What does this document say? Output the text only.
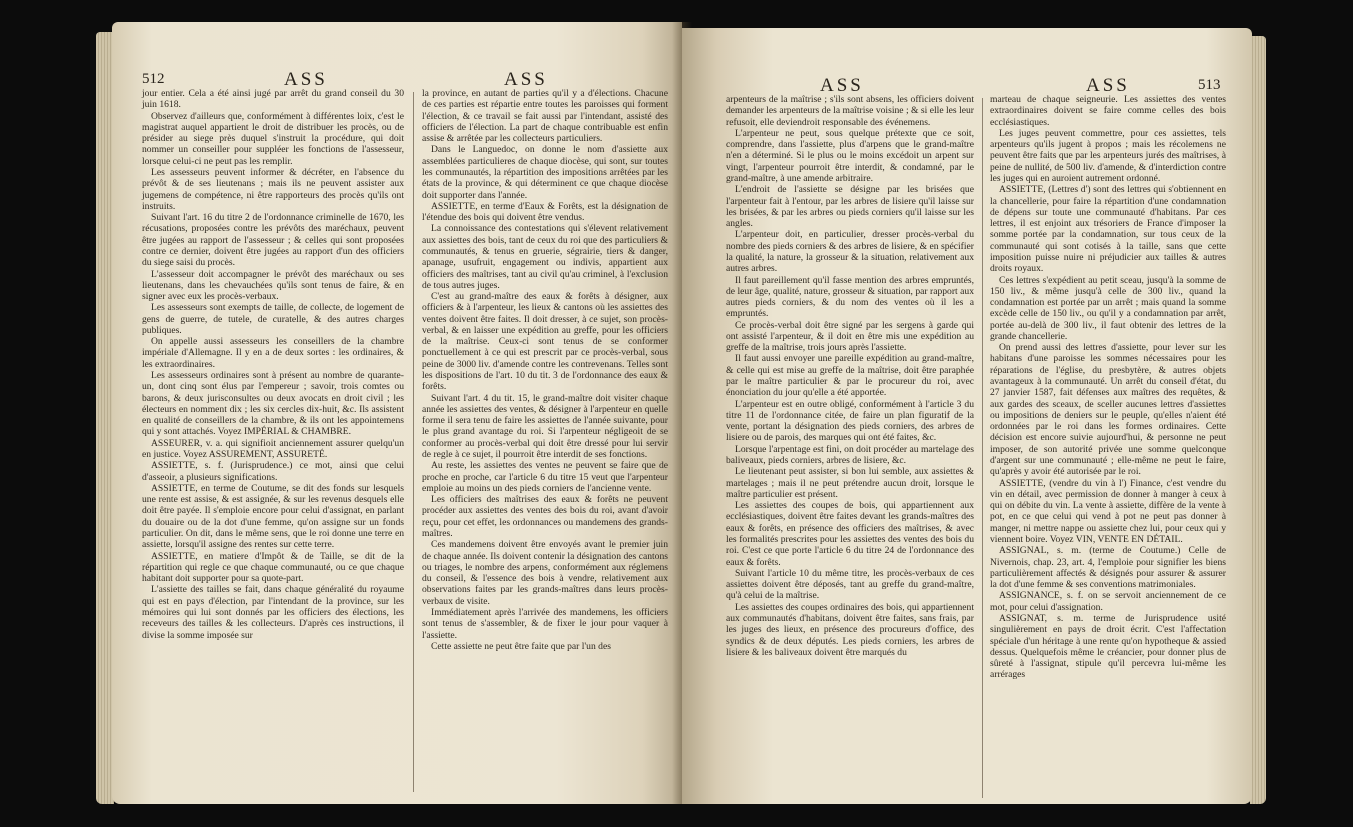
512	ASS	ASS

jour entier. Cela a été ainsi jugé par arrêt du grand conseil du 30 juin 1618.

Observez d'ailleurs que, conformément à différentes loix, c'est le magistrat auquel appartient le droit de distribuer les procès, ou de présider au siege près duquel s'instruit la procédure, qui doit nommer un conseiller pour suppléer les fonctions de l'assesseur, lorsque celui-ci ne peut pas les remplir.

Les assesseurs peuvent informer & décréter, en l'absence du prévôt & de ses lieutenans ; mais ils ne peuvent assister aux jugemens de compétence, ni être rapporteurs des procès qu'ils ont instruits.

Suivant l'art. 16 du titre 2 de l'ordonnance criminelle de 1670, les récusations, proposées contre les prévôts des maréchaux, peuvent être jugées au rapport de l'assesseur ; & celles qui sont proposées contre ce dernier, doivent être jugées au rapport d'un des officiers du siege saisi du procès.

L'assesseur doit accompagner le prévôt des maréchaux ou ses lieutenans, dans les chevauchées qu'ils sont tenus de faire, & en signer avec eux les procès-verbaux.

Les assesseurs sont exempts de taille, de collecte, de logement de gens de guerre, de tutele, de curatelle, & des autres charges publiques.

On appelle aussi assesseurs les conseillers de la chambre impériale d'Allemagne. Il y en a de deux sortes : les ordinaires, & les extraordinaires.

Les assesseurs ordinaires sont à présent au nombre de quarante-un, dont cinq sont élus par l'empereur ; savoir, trois comtes ou barons, & deux jurisconsultes ou deux avocats en droit civil ; les électeurs en nomment dix ; les six cercles dix-huit, &c. Ils assistent en qualité de conseillers de la chambre, & ils ont les appointemens qui y sont attachés. Voyez IMPÉRIAL & CHAMBRE.

ASSEURER, v. a. qui signifioit anciennement assurer quelqu'un en justice. Voyez ASSUREMENT, ASSURETÉ.

ASSIETTE, s. f. (Jurisprudence.) ce mot, ainsi que celui d'asseoir, a plusieurs significations.

ASSIETTE, en terme de Coutume, se dit des fonds sur lesquels une rente est assise, & est assignée, & sur les revenus desquels elle doit être payée. Il s'emploie encore pour celui d'assignat, en parlant du douaire ou de la dot d'une femme, qu'on assigne sur un fonds particulier. On dit, dans le même sens, que le roi donne une terre en assiette, lorsqu'il assigne des rentes sur cette terre.

ASSIETTE, en matiere d'Impôt & de Taille, se dit de la répartition qui regle ce que chaque communauté, ou ce que chaque habitant doit supporter pour sa quote-part.

L'assiette des tailles se fait, dans chaque généralité du royaume qui est en pays d'élection, par l'intendant de la province, sur les mémoires qui lui sont donnés par les officiers des élections, les receveurs des tailles & les collecteurs. D'après ces instructions, il divise la somme imposée sur

la province, en autant de parties qu'il y a d'élections. Chacune de ces parties est répartie entre toutes les paroisses qui forment l'élection, & ce travail se fait aussi par l'intendant, assisté des officiers de l'élection. La part de chaque contribuable est enfin assise & arrêtée par les collecteurs particuliers.

Dans le Languedoc, on donne le nom d'assiette aux assemblées particulieres de chaque diocèse, qui sont, sur toutes les communautés, la répartition des impositions arrêtées par les états de la province, & qui déterminent ce que chaque diocèse doit supporter dans l'année.

ASSIETTE, en terme d'Eaux & Forêts, est la désignation de l'étendue des bois qui doivent être vendus.

La connoissance des contestations qui s'élevent relativement aux assiettes des bois, tant de ceux du roi que des particuliers & communautés, & tenus en gruerie, ségrairie, tiers & danger, apanage, usufruit, engagement ou indivis, appartient aux officiers des maîtrises, tant au civil qu'au criminel, à l'exclusion de tous autres juges.

C'est au grand-maître des eaux & forêts à désigner, aux officiers & à l'arpenteur, les lieux & cantons où les assiettes des ventes doivent être faites. Il doit dresser, à ce sujet, son procès-verbal, & en laisser une expédition au greffe, pour les officiers de la maîtrise. Ceux-ci sont tenus de se conformer ponctuellement à ce qui est prescrit par ce procès-verbal, sous peine de 3000 liv. d'amende contre les contrevenans. Telles sont les dispositions de l'art. 10 du tit. 3 de l'ordonnance des eaux & forêts.

Suivant l'art. 4 du tit. 15, le grand-maître doit visiter chaque année les assiettes des ventes, & désigner à l'arpenteur en quelle forme il sera tenu de faire les assiettes de l'année suivante, pour le plus grand avantage du roi. Si l'arpenteur négligeoit de se conformer au procès-verbal qui doit être dressé pour lui servir de regle à ce sujet, il pourroit être interdit de ses fonctions.

Au reste, les assiettes des ventes ne peuvent se faire que de proche en proche, car l'article 6 du titre 15 veut que l'arpenteur emploie au moins un des pieds corniers de l'ancienne vente.

Les officiers des maîtrises des eaux & forêts ne peuvent procéder aux assiettes des ventes des bois du roi, avant d'avoir reçu, pour cet effet, les ordonnances ou mandemens des grands-maîtres.

Ces mandemens doivent être envoyés avant le premier juin de chaque année. Ils doivent contenir la désignation des cantons ou triages, le nombre des arpens, conformément aux réglemens du conseil, & l'essence des bois à vendre, relativement aux observations faites par les grands-maîtres dans leurs procès-verbaux de visite.

Immédiatement après l'arrivée des mandemens, les officiers sont tenus de s'assembler, & de fixer le jour pour vaquer à l'assiette.

Cette assiette ne peut être faite que par l'un des

ASS	ASS	513

arpenteurs de la maîtrise ; s'ils sont absens, les officiers doivent demander les arpenteurs de la maîtrise voisine ; & si elle les leur refusoit, elle deviendroit responsable des événemens.

L'arpenteur ne peut, sous quelque prétexte que ce soit, comprendre, dans l'assiette, plus d'arpens que le grand-maître n'en a déterminé. Si le plus ou le moins excédoit un arpent sur vingt, l'arpenteur pourroit être interdit, & condamné, par le grand-maître, à une amende arbitraire.

L'endroit de l'assiette se désigne par les brisées que l'arpenteur fait à l'entour, par les arbres de lisiere qu'il laisse sur les brisées, & par les arbres ou pieds corniers qu'il laisse sur les angles.

L'arpenteur doit, en particulier, dresser procès-verbal du nombre des pieds corniers & des arbres de lisiere, & en spécifier la qualité, la nature, la grosseur & la situation, relativement aux autres arbres.

Il faut pareillement qu'il fasse mention des arbres empruntés, de leur âge, qualité, nature, grosseur & situation, par rapport aux autres pieds corniers, & du nom des ventes où il les a empruntés.

Ce procès-verbal doit être signé par les sergens à garde qui ont assisté l'arpenteur, & il doit en être mis une expédition au greffe de la maîtrise, trois jours après l'assiette.

Il faut aussi envoyer une pareille expédition au grand-maître, & celle qui est mise au greffe de la maîtrise, doit être paraphée par le maître particulier & par le procureur du roi, avec énonciation du jour qu'elle a été apportée.

L'arpenteur est en outre obligé, conformément à l'article 3 du titre 11 de l'ordonnance citée, de faire un plan figuratif de la vente, portant la désignation des pieds corniers, des arbres de lisiere ou de parois, des marques qui ont été faites, &c.

Lorsque l'arpentage est fini, on doit procéder au martelage des baliveaux, pieds corniers, arbres de lisiere, &c.

Le lieutenant peut assister, si bon lui semble, aux assiettes & martelages ; mais il ne peut prétendre aucun droit, lorsque le maître particulier est présent.

Les assiettes des coupes de bois, qui appartiennent aux ecclésiastiques, doivent être faites devant les grands-maîtres des eaux & forêts, en présence des officiers des maîtrises, & avec les formalités prescrites pour les assiettes des ventes des bois du roi. C'est ce que porte l'article 6 du titre 24 de l'ordonnance des eaux & forêts.

Suivant l'article 10 du même titre, les procès-verbaux de ces assiettes doivent être déposés, tant au greffe du grand-maître, qu'à celui de la maîtrise.

Les assiettes des coupes ordinaires des bois, qui appartiennent aux communautés d'habitans, doivent être faites, sans frais, par les juges des lieux, en présence des procureurs d'office, des syndics & de deux députés. Les pieds corniers, les arbres de lisiere & les baliveaux doivent être marqués du

marteau de chaque seigneurie. Les assiettes des ventes extraordinaires doivent se faire comme celles des bois ecclésiastiques.

Les juges peuvent commettre, pour ces assiettes, tels arpenteurs qu'ils jugent à propos ; mais les récolemens ne peuvent être faits que par les arpenteurs jurés des maîtrises, à peine de nullité, de 500 liv. d'amende, & d'interdiction contre les juges qui en auroient autrement ordonné.

ASSIETTE, (Lettres d') sont des lettres qui s'obtiennent en la chancellerie, pour faire la répartition d'une condamnation de dépens sur toute une communauté d'habitans. Par ces lettres, il est enjoint aux trésoriers de France d'imposer la somme portée par la condamnation, sur tous ceux de la communauté qui sont cotisés à la taille, sans que cette imposition puisse nuire ni préjudicier aux tailles & autres droits royaux.

Ces lettres s'expédient au petit sceau, jusqu'à la somme de 150 liv., & même jusqu'à celle de 300 liv., quand la condamnation est portée par un arrêt ; mais quand la somme excède celle de 150 liv., ou qu'il y a condamnation par arrêt, portée au-delà de 300 liv., il faut obtenir des lettres de la grande chancellerie.

On prend aussi des lettres d'assiette, pour lever sur les habitans d'une paroisse les sommes nécessaires pour les réparations de l'église, du presbytère, & autres objets avantageux à la communauté. Un arrêt du conseil d'état, du 27 janvier 1587, fait défenses aux maîtres des requêtes, & aux gardes des sceaux, de sceller aucunes lettres d'assiettes ou impositions de deniers sur le peuple, qu'elles n'aient été ordonnées par le roi dans les formes ordinaires. Cette décision est encore suivie aujourd'hui, & personne ne peut imposer, de son autorité privée une somme quelconque d'argent sur une communauté ; elle-même ne peut le faire, qu'après y avoir été autorisée par le roi.

ASSIETTE, (vendre du vin à l') Finance, c'est vendre du vin en détail, avec permission de donner à manger à ceux à qui on débite du vin. La vente à assiette, diffère de la vente à pot, en ce que celui qui vend à pot ne peut pas donner à manger, ni mettre nappe ou assiette chez lui, pour ceux qui y viennent boire. Voyez VIN, VENTE EN DÉTAIL.

ASSIGNAL, s. m. (terme de Coutume.) Celle de Nivernois, chap. 23, art. 4, l'emploie pour signifier les biens particulièrement affectés & désignés pour assurer & assurer la dot d'une femme & ses conventions matrimoniales.

ASSIGNANCE, s. f. on se servoit anciennement de ce mot, pour celui d'assignation.

ASSIGNAT, s. m. terme de Jurisprudence usité singulièrement en pays de droit écrit. C'est l'affectation spéciale d'un héritage à une rente qu'on hypotheque & assied dessus. Quelquefois même le créancier, pour donner plus de sûreté à l'assignat, stipule qu'il percevra lui-même les arrérages
